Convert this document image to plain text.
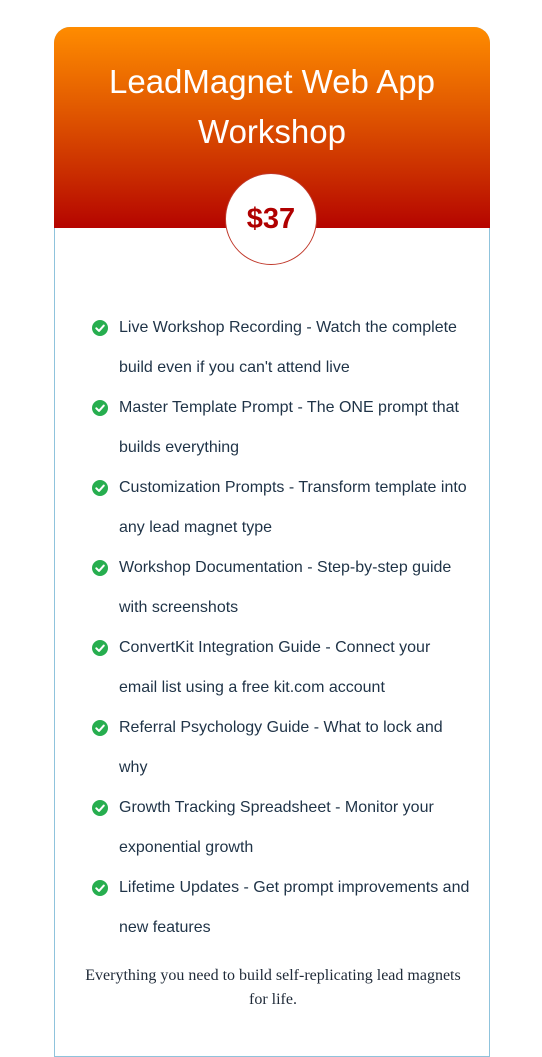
LeadMagnet Web App
Workshop
$37
Live Workshop Recording - Watch the complete build even if you can't attend live
Master Template Prompt - The ONE prompt that builds everything
Customization Prompts - Transform template into any lead magnet type
Workshop Documentation - Step-by-step guide with screenshots
ConvertKit Integration Guide - Connect your email list using a free kit.com account
Referral Psychology Guide - What to lock and why
Growth Tracking Spreadsheet - Monitor your exponential growth
Lifetime Updates - Get prompt improvements and new features

Everything you need to build self-replicating lead magnets for life.
